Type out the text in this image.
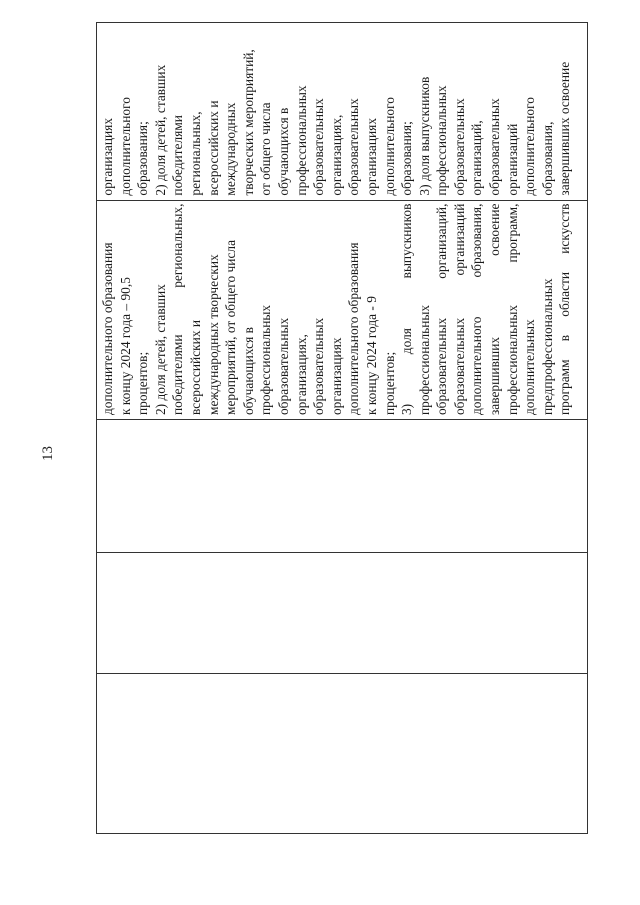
13
дополнительного образования к концу 2024 года – 90,5 процентов; 2) доля детей, ставших победителями региональных, всероссийских и международных творческих мероприятий, от общего числа обучающихся в профессиональных образовательных организациях, образовательных организациях дополнительного образования к концу 2024 года - 9 процентов; 3) доля выпускников профессиональных образовательных организаций, образовательных организаций дополнительного образования, завершивших освоение профессиональных программ, дополнительных предпрофессиональных программ в области искусств
организациях дополнительного образования; 2) доля детей, ставших победителями региональных, всероссийских и международных творческих мероприятий, от общего числа обучающихся в профессиональных образовательных организациях, образовательных организациях дополнительного образования; 3) доля выпускников профессиональных образовательных организаций, образовательных организаций дополнительного образования, завершивших освоение
